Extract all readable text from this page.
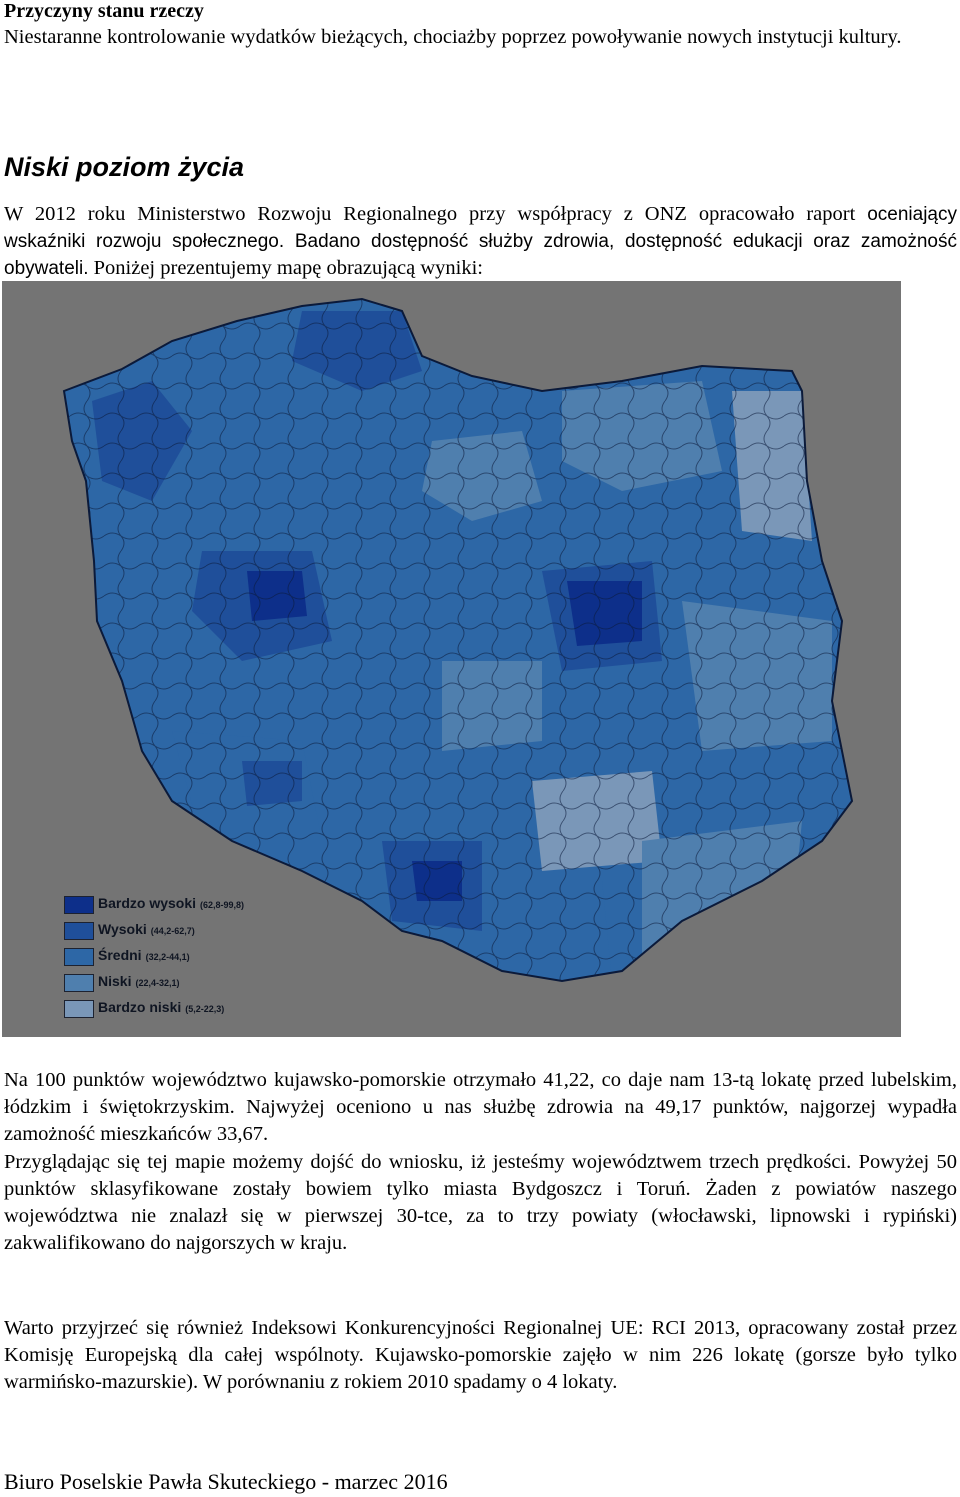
Przyczyny stanu rzeczy

Niestaranne kontrolowanie wydatków bieżących, chociażby poprzez powoływanie nowych instytucji kultury.

Niski poziom życia

W 2012 roku Ministerstwo Rozwoju Regionalnego przy współpracy z ONZ opracowało raport oceniający wskaźniki rozwoju społecznego. Badano dostępność służby zdrowia, dostępność edukacji oraz zamożność obywateli. Poniżej prezentujemy mapę obrazującą wyniki:

Bardzo wysoki (62,8-99,8)
Wysoki (44,2-62,7)
Średni (32,2-44,1)
Niski (22,4-32,1)
Bardzo niski (5,2-22,3)

Na 100 punktów województwo kujawsko-pomorskie otrzymało 41,22, co daje nam 13-tą lokatę przed lubelskim, łódzkim i świętokrzyskim. Najwyżej oceniono u nas służbę zdrowia na 49,17 punktów, najgorzej wypadła zamożność mieszkańców 33,67.

Przyglądając się tej mapie możemy dojść do wniosku, iż jesteśmy województwem trzech prędkości. Powyżej 50 punktów sklasyfikowane zostały bowiem tylko miasta Bydgoszcz i Toruń. Żaden z powiatów naszego województwa nie znalazł się w pierwszej 30-tce, za to trzy powiaty (włocławski, lipnowski i rypiński) zakwalifikowano do najgorszych w kraju.

Warto przyjrzeć się również Indeksowi Konkurencyjności Regionalnej UE: RCI 2013, opracowany został przez Komisję Europejską dla całej wspólnoty. Kujawsko-pomorskie zajęło w nim 226 lokatę (gorsze było tylko warmińsko-mazurskie). W porównaniu z rokiem 2010 spadamy o 4 lokaty.

Biuro Poselskie Pawła Skuteckiego - marzec 2016
